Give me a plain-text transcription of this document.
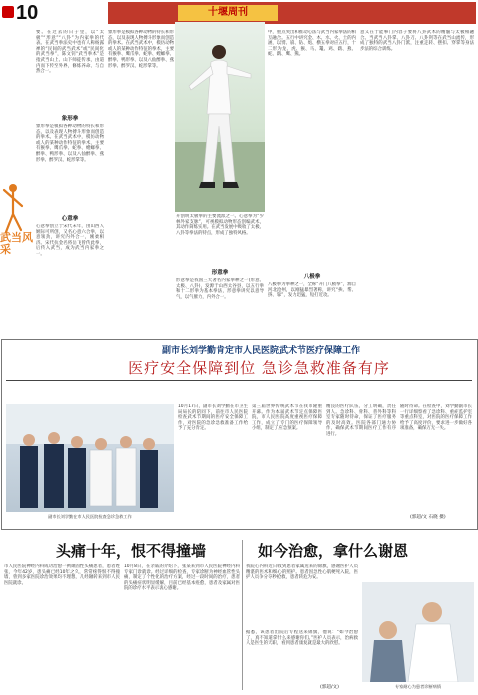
10	十堰周刊
武当风采
要。在过去的日子里，以“太极”“形意”“八卦”为内家拳的代表。在武当拳法史中也有人称杨露禅的“民间的武当武术”或“民间化的武当拳”，陈文钊“武当拳术”是指武当山上、山下师徒传承，由道内而下传至外界，修炼养命、与自然合一。
象形拳
象形拳是模拟各种动物的特长和形态，以及表现人物搏斗形象而创造的拳术。在武当武术中，模仿动物或人的某种动作特征的拳术，主要有猴拳、鹰爪拳、蛇拳、螳螂拳、醉拳、鸭形拳、以及八仙醉拳、燕形拳、醉罗汉、蛇形掌等。
心意拳
心意拳创立于宋代末年，由山西人姬际可所创，又名心意六合拳，以意领劲，讲究内外合一，刚柔相济。宋代抗金名将岳飞曾传此拳，后传入武当，成为武当内家拳之一。
象形拳是模拟各种动物的特长和形态，以及表现人物搏斗形象而创造的拳术。在武当武术中，模仿动物或人的某种动作特征的拳术，主要有猴拳、鹰爪拳、蛇拳、螳螂拳、醉拳、鸭形拳、以及八仙醉拳、燕形拳、醉罗汉、蛇形掌等。
开创明太极拳的主要流派之一。心意拳为“少林外家支脉”，可视模拟动物形态创编武术，其动作简练实用。在武当发展中吸收了太极、八卦等拳法的特点，形成了独特风格。
形意拳
形意拳是我国三大著名内家拳种之一(形意、太极、八卦)，发源于山西太谷县，以五行拳和十二形拳为基本拳法，形意拳讲究以意导气，以气催力，内外合一。
中，重点突出和推动心法与武当内家拳法的相互融合。五行中讲究金、木、水、火、土的内涵，以劈、崩、钻、炮、横五拳对应五行，十二形为龙、虎、猴、马、鼍、鸡、鹞、燕、蛇、鹞、鹰、熊。
八极拳
八极拳为拳种之一，全称“开门八极拳”，源自河北沧州，以刚猛暴烈著称，讲究“挨、帮、挤、靠”，发力迅猛，短打近攻。
意义在于能够门内容子要将八卦武术的精髓与太极相融合。当武当八卦掌、八卦刀、八卦剑等在武当山流传，形成了独特的武当八卦门派，注重走转、摆扣、穿掌等身法步法的综合训练。
副市长刘学勤肯定市人民医院武术节医疗保障工作
医疗安全保障到位 急诊急救准备有序
副市长刘学勤在市人民医院检查急诊急救工作
10月17日，副市长刘学勤在市卫生局局长的陪同下，前往市人民医院检查武术节期间的医疗安全保障工作，对医院的急诊急救准备工作给予了充分肯定。
第三届世界传统武术节在我市隆重开幕。作为本届武术节定点保障医院，市人民医院高度重视医疗保障工作，成立了专门的医疗保障领导小组，制定了应急预案。
精良的医疗队伍，分工明确，责任到人。急诊科、骨科、普外科等科室专家随时待命，保证了医疗服务的及时高效。医院各部门通力协作，确保武术节期间医疗工作有序进行。
随时待命。在检查中，刘学勤副市长一行详细察看了急诊科、重症监护室等重点科室，对医院的医疗保障工作给予了高度评价，要求进一步做好各项准备，确保万无一失。
(郭超/文 石晓 摄)
头痛十年，恨不得撞墙
市人民医院神经内科成功治愈一例顽固性头痛患者，患者姓张，今年42岁，患头痛已经10年之久，常常疼得恨不得撞墙，曾到多家医院诊治效果均不理想，几经辗转来到市人民医院就诊。
10月8日，在亲戚的介绍下，张某来到市人民医院神经内科专家门诊就诊。经过详细的检查，专家诊断为神经血管性头痛，制定了个性化的治疗方案，经过一段时间的治疗，患者的头痛症状明显缓解，目前已经基本痊愈，患者及家属对医院的诊疗水平表示衷心感谢。
如今治愈，拿什么谢恩
我院心内科近日收到患者家属送来的锦旗，感谢医护人员精湛的医术和细心的照护。患者因急性心肌梗死入院，医护人员争分夺秒抢救，患者转危为安。
据悉，该患者出院后专程送来锦旗，他说：“如今治愈了，真不知道拿什么来感谢你们。”医护人员表示，治病救人是医生的天职，看到患者康复就是最大的欣慰。
(郭超/文)	专家耐心为患者诊断病情
